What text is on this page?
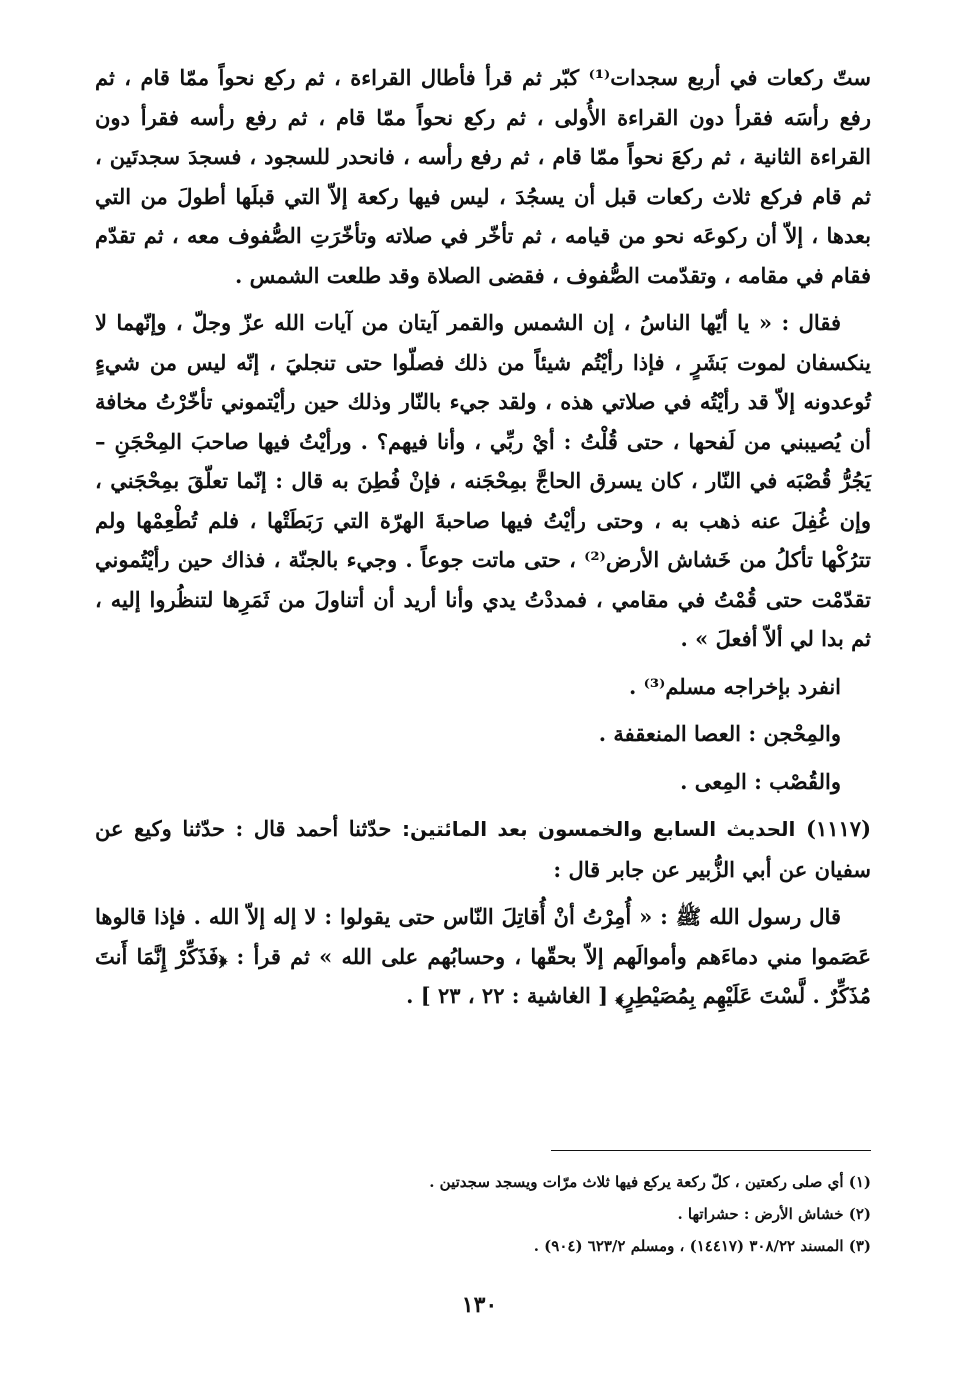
ستّ ركعات في أربع سجدات⁽¹⁾ كبّر ثم قرأ فأطال القراءة ، ثم ركع نحواً ممّا قام ، ثم رفع رأسَه فقرأ دون القراءة الأُولى ، ثم ركع نحواً ممّا قام ، ثم رفع رأسه فقرأ دون القراءة الثانية ، ثم ركعَ نحواً ممّا قام ، ثم رفع رأسه ، فانحدر للسجود ، فسجدَ سجدتَين ، ثم قام فركع ثلاث ركعات قبل أن يسجُدَ ، ليس فيها ركعة إلاّ التي قبلَها أطولَ من التي بعدها ، إلاّ أن ركوعَه نحو من قيامه ، ثم تأخّر في صلاته وتأخّرَتِ الصُّفوف معه ، ثم تقدّم فقام في مقامه ، وتقدّمت الصُّفوف ، فقضى الصلاة وقد طلعت الشمس .

فقال : « يا أيّها الناسُ ، إن الشمس والقمر آيتان من آيات الله عزّ وجلّ ، وإنّهما لا ينكسفان لموت بَشَرٍ ، فإذا رأيْتُم شيئاً من ذلك فصلّوا حتى تنجليَ ، إنّه ليس من شيءٍ تُوعدونه إلاّ قد رأيْتُه في صلاتي هذه ، ولقد جيء بالنّار وذلك حين رأيْتموني تأخّرْتُ مخافة أن يُصيبني من لَفحها ، حتى قُلْتُ : أيْ ربِّي ، وأنا فيهم؟ . ورأيْتُ فيها صاحبَ المِحْجَنِ – يَجُرُّ قُصْبَه في النّار ، كان يسرق الحاجَّ بمِحْجَنه ، فإنْ فُطِنَ به قال : إنّما تعلّقَ بمِحْجَني ، وإن غُفِلَ عنه ذهب به ، وحتى رأيْتُ فيها صاحبةَ الهرّة التي رَبَطَتْها ، فلم تُطْعِمْها ولم تترُكْها تأكلُ من خَشاش الأرض⁽²⁾ ، حتى ماتت جوعاً . وجيء بالجنّة ، فذاك حين رأيْتُموني تقدّمْت حتى قُمْتُ في مقامي ، فمددْتُ يدي وأنا أريد أن أتناولَ من ثَمَرِها لتنظُروا إليه ، ثم بدا لي ألاّ أفعلَ » .

انفرد بإخراجه مسلم⁽³⁾ .

والمِحْجن : العصا المنعقفة .

والقُصْب : المِعى .

(١١١٧) الحديث السابع والخمسون بعد المائتين: حدّثنا أحمد قال : حدّثنا وكيع عن سفيان عن أبي الزُّبير عن جابر قال :

قال رسول الله ﷺ : « أُمِرْتُ أنْ أُقاتِلَ النّاس حتى يقولوا : لا إله إلاّ الله . فإذا قالوها عَصَموا مني دماءَهم وأموالَهم إلاّ بحقّها ، وحسابُهم على الله » ثم قرأ : ﴿فَذَكِّرْ إِنَّمَا أَنتَ مُذَكِّرٌ . لَّسْتَ عَلَيْهِم بِمُصَيْطِرٍ﴾ [ الغاشية : ٢٢ ، ٢٣ ] .

(١) أي صلى ركعتين ، كلّ ركعة يركع فيها ثلاث مرّات ويسجد سجدتين .

(٢) خشاش الأرض : حشراتها .

(٣) المسند ٣٠٨/٢٢ (١٤٤١٧) ، ومسلم ٦٢٣/٢ (٩٠٤) .

١٣٠
